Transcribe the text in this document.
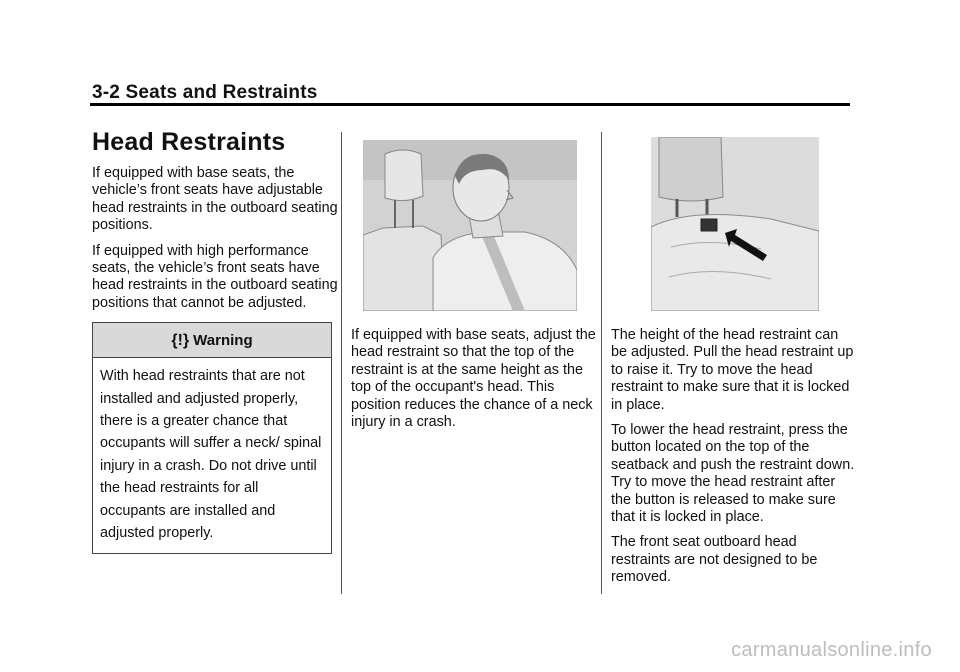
3-2 Seats and Restraints
Head Restraints

If equipped with base seats, the vehicle’s front seats have adjustable head restraints in the outboard seating positions.

If equipped with high performance seats, the vehicle’s front seats have head restraints in the outboard seating positions that cannot be adjusted.

{!} Warning
With head restraints that are not installed and adjusted properly, there is a greater chance that occupants will suffer a neck/ spinal injury in a crash. Do not drive until the head restraints for all occupants are installed and adjusted properly.

If equipped with base seats, adjust the head restraint so that the top of the restraint is at the same height as the top of the occupant's head. This position reduces the chance of a neck injury in a crash.

The height of the head restraint can be adjusted. Pull the head restraint up to raise it. Try to move the head restraint to make sure that it is locked in place.

To lower the head restraint, press the button located on the top of the seatback and push the restraint down. Try to move the head restraint after the button is released to make sure that it is locked in place.

The front seat outboard head restraints are not designed to be removed.

carmanualsonline.info
